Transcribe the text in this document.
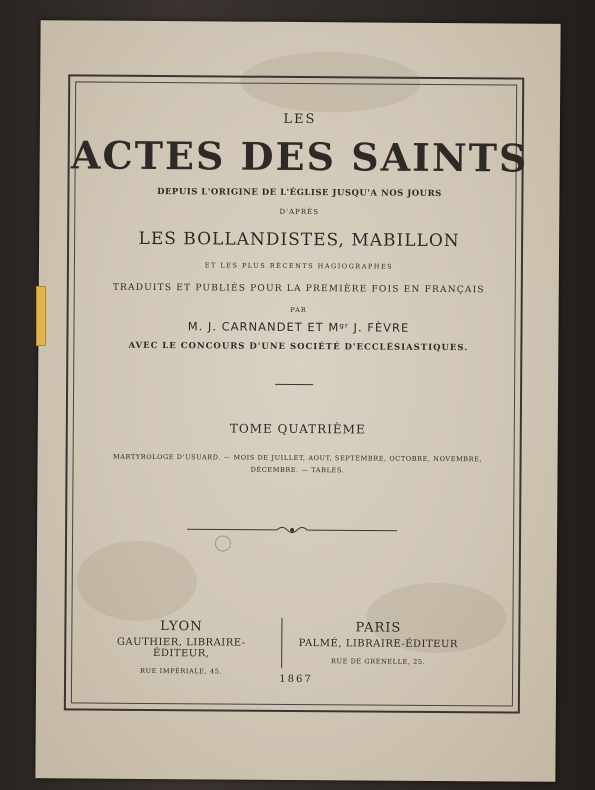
LES
ACTES DES SAINTS
DEPUIS L'ORIGINE DE L'ÉGLISE JUSQU'A NOS JOURS
D'APRÈS
LES BOLLANDISTES, MABILLON
ET LES PLUS RÉCENTS HAGIOGRAPHES
TRADUITS ET PUBLIÉS POUR LA PREMIÈRE FOIS EN FRANÇAIS
PAR
M. J. CARNANDET ET Mᵍʳ J. FÈVRE
AVEC LE CONCOURS D'UNE SOCIÉTÉ D'ECCLÉSIASTIQUES.
TOME QUATRIÈME
MARTYROLOGE D'USUARD. — MOIS DE JUILLET, AOUT, SEPTEMBRE, OCTOBRE, NOVEMBRE,
DÉCEMBRE. — TABLES.
LYON
GAUTHIER, LIBRAIRE-ÉDITEUR,
RUE IMPÉRIALE, 45.
PARIS
PALMÉ, LIBRAIRE-ÉDITEUR
RUE DE GRENELLE, 25.
1867
